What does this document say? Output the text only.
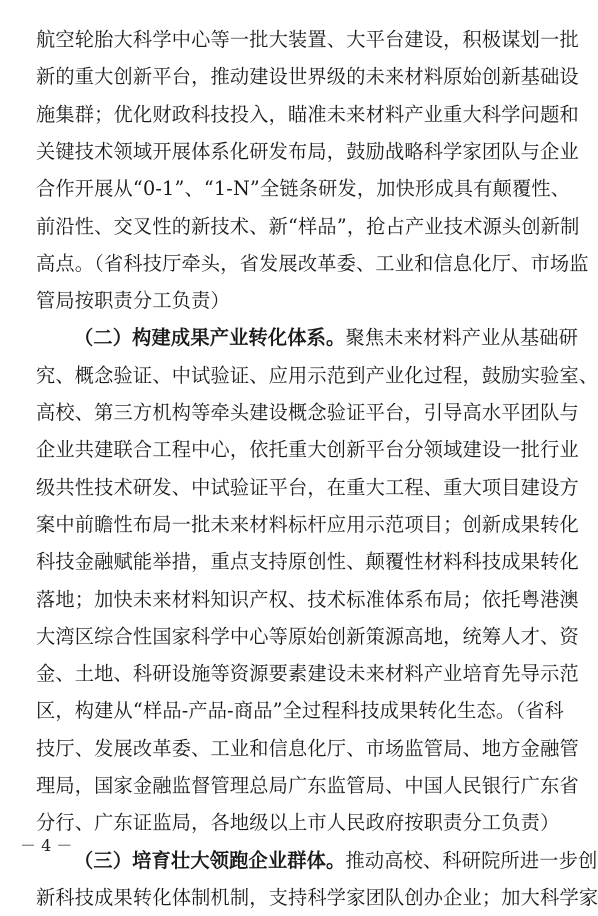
航空轮胎大科学中心等一批大装置、大平台建设，积极谋划一批
新的重大创新平台，推动建设世界级的未来材料原始创新基础设
施集群；优化财政科技投入，瞄准未来材料产业重大科学问题和
关键技术领域开展体系化研发布局，鼓励战略科学家团队与企业
合作开展从“0-1”、“1-N”全链条研发，加快形成具有颠覆性、
前沿性、交叉性的新技术、新“样品”，抢占产业技术源头创新制
高点。（省科技厅牵头，省发展改革委、工业和信息化厅、市场监
管局按职责分工负责）
（二）构建成果产业转化体系。聚焦未来材料产业从基础研
究、概念验证、中试验证、应用示范到产业化过程，鼓励实验室、
高校、第三方机构等牵头建设概念验证平台，引导高水平团队与
企业共建联合工程中心，依托重大创新平台分领域建设一批行业
级共性技术研发、中试验证平台，在重大工程、重大项目建设方
案中前瞻性布局一批未来材料标杆应用示范项目；创新成果转化
科技金融赋能举措，重点支持原创性、颠覆性材料科技成果转化
落地；加快未来材料知识产权、技术标准体系布局；依托粤港澳
大湾区综合性国家科学中心等原始创新策源高地，统筹人才、资
金、土地、科研设施等资源要素建设未来材料产业培育先导示范
区，构建从“样品-产品-商品”全过程科技成果转化生态。（省科
技厅、发展改革委、工业和信息化厅、市场监管局、地方金融管
理局，国家金融监督管理总局广东监管局、中国人民银行广东省
分行、广东证监局，各地级以上市人民政府按职责分工负责）
（三）培育壮大领跑企业群体。推动高校、科研院所进一步创
新科技成果转化体制机制，支持科学家团队创办企业；加大科学家
－ 4 －
